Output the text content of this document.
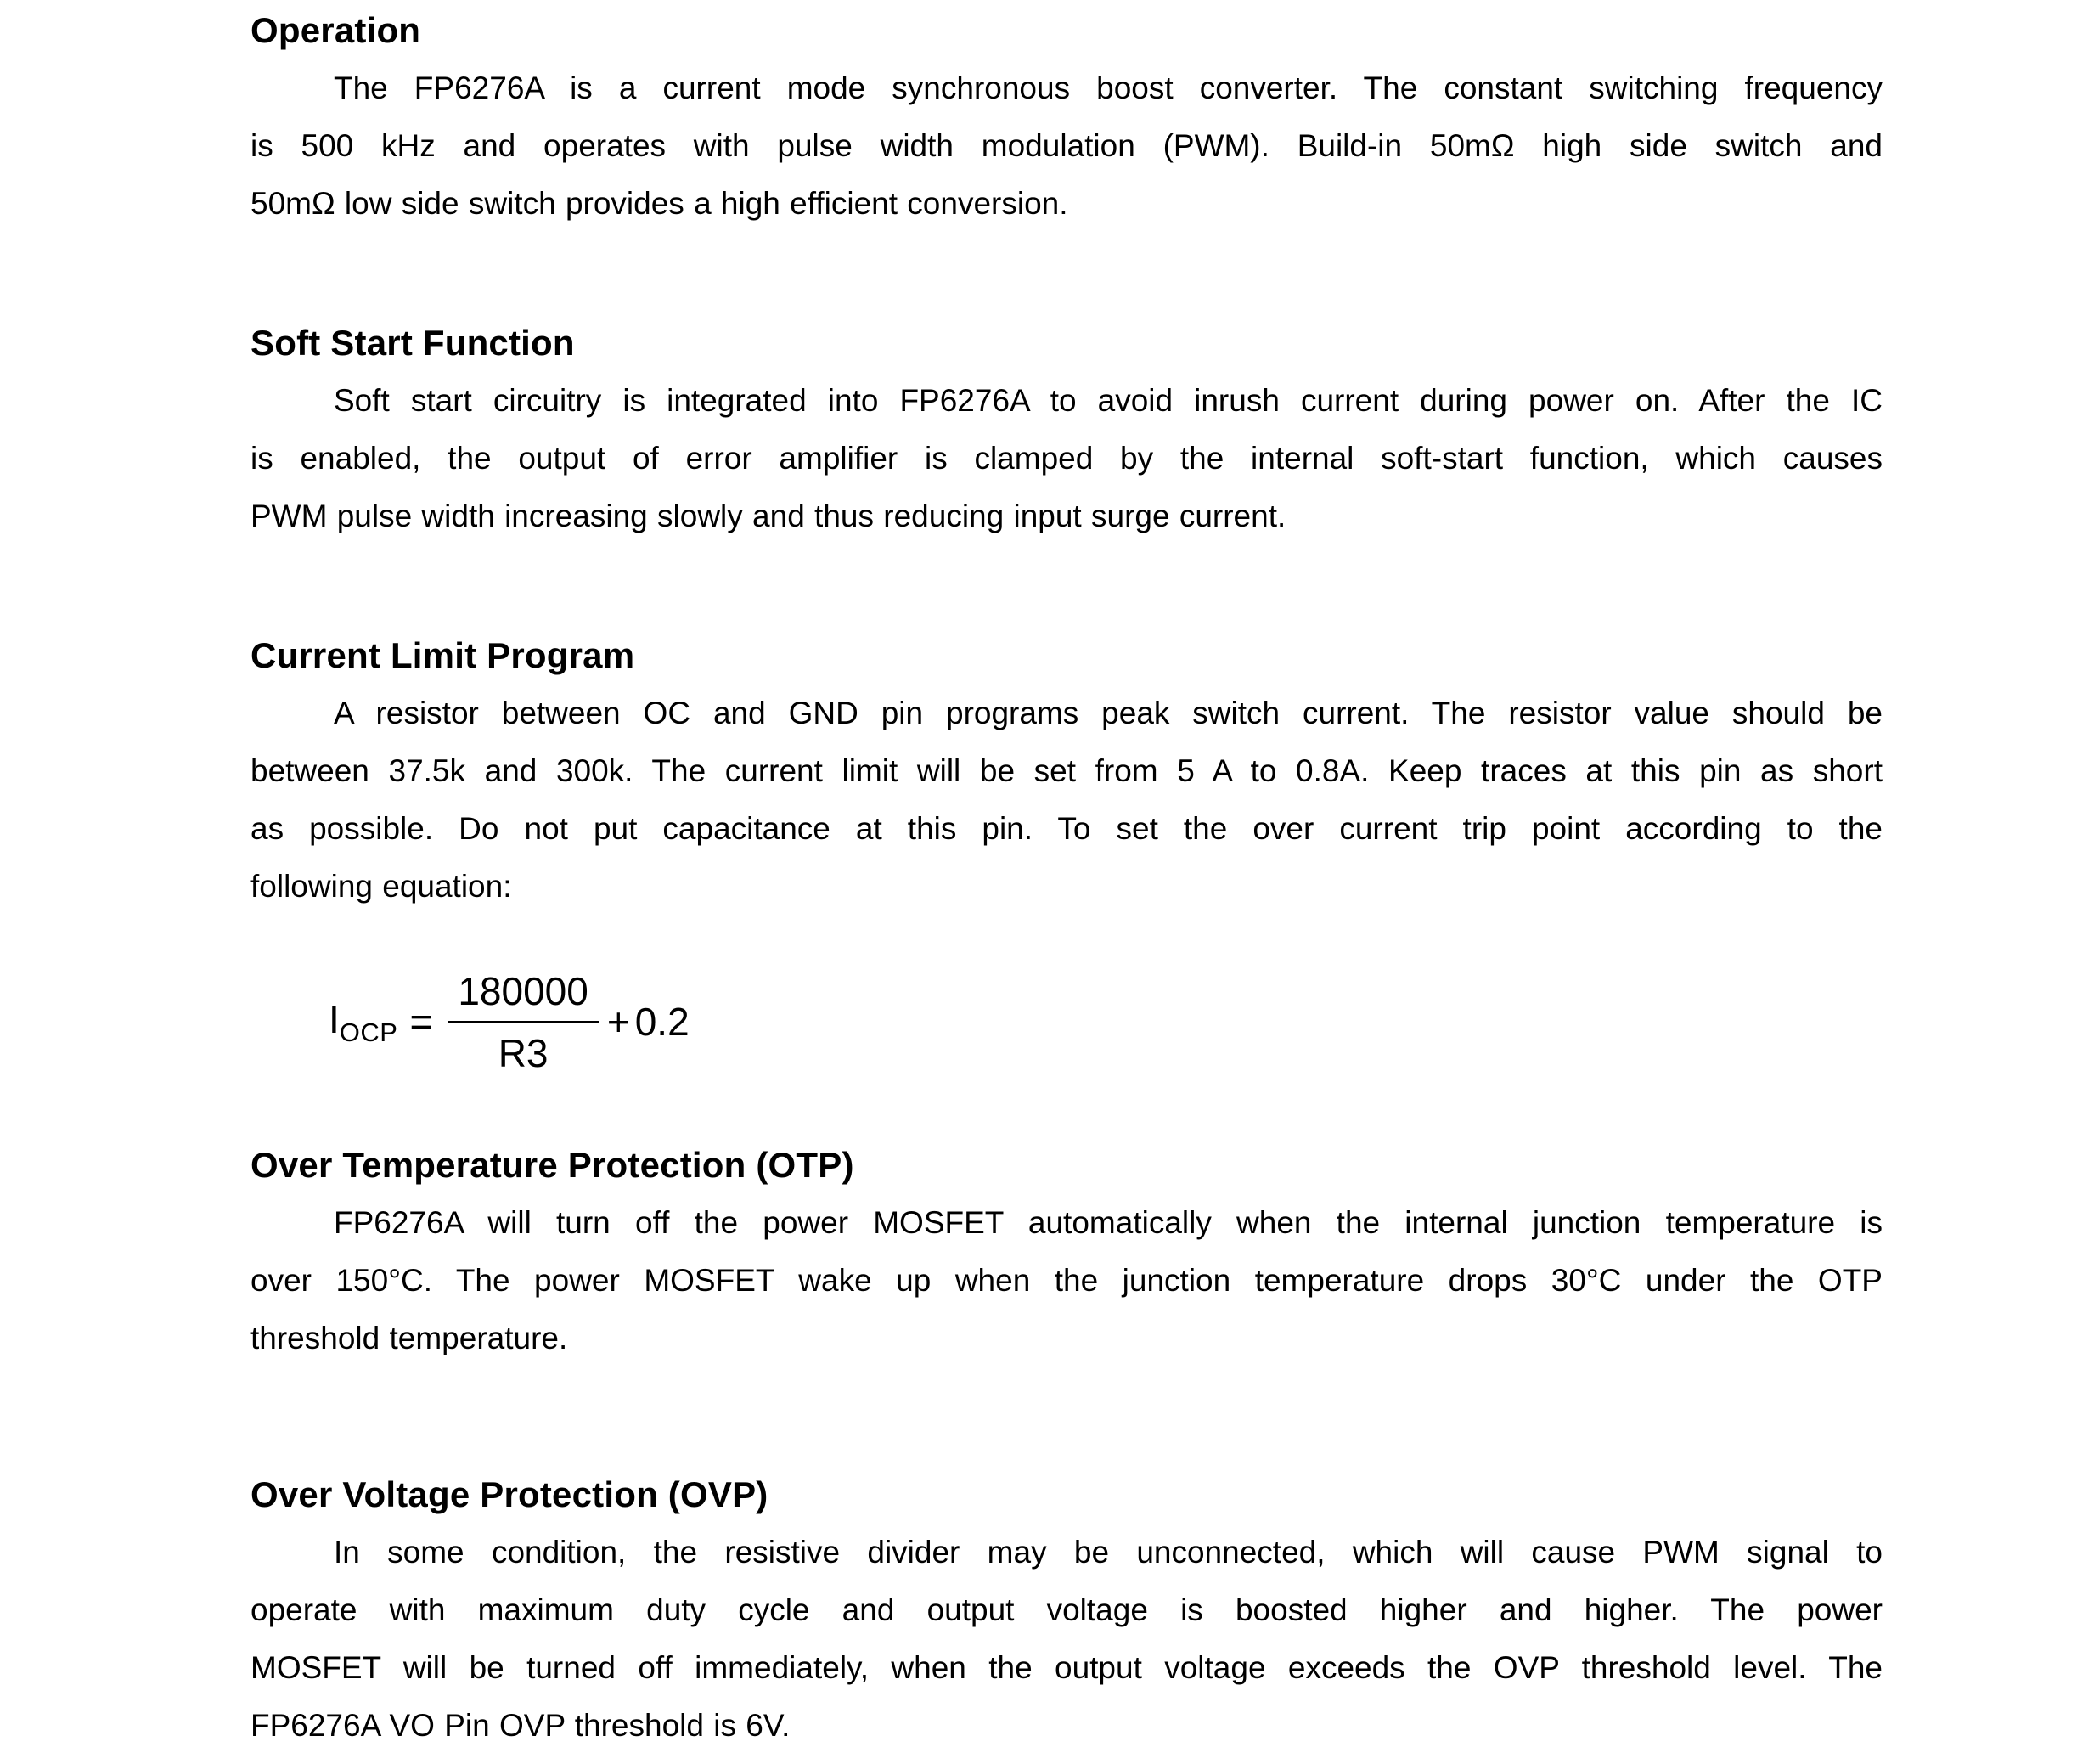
Operation
The FP6276A is a current mode synchronous boost converter. The constant switching frequency
is 500 kHz and operates with pulse width modulation (PWM). Build-in 50mΩ high side switch and
50mΩ low side switch provides a high efficient conversion.
Soft Start Function
Soft start circuitry is integrated into FP6276A to avoid inrush current during power on. After the IC
is enabled, the output of error amplifier is clamped by the internal soft-start function, which causes
PWM pulse width increasing slowly and thus reducing input surge current.
Current Limit Program
A resistor between OC and GND pin programs peak switch current. The resistor value should be
between 37.5k and 300k. The current limit will be set from 5 A to 0.8A. Keep traces at this pin as short
as possible. Do not put capacitance at this pin. To set the over current trip point according to the
following equation:
$I_{OCP} = \frac{180000}{R3} + 0.2$
Over Temperature Protection (OTP)
FP6276A will turn off the power MOSFET automatically when the internal junction temperature is
over 150°C. The power MOSFET wake up when the junction temperature drops 30°C under the OTP
threshold temperature.
Over Voltage Protection (OVP)
In some condition, the resistive divider may be unconnected, which will cause PWM signal to
operate with maximum duty cycle and output voltage is boosted higher and higher. The power
MOSFET will be turned off immediately, when the output voltage exceeds the OVP threshold level. The
FP6276A VO Pin OVP threshold is 6V.
